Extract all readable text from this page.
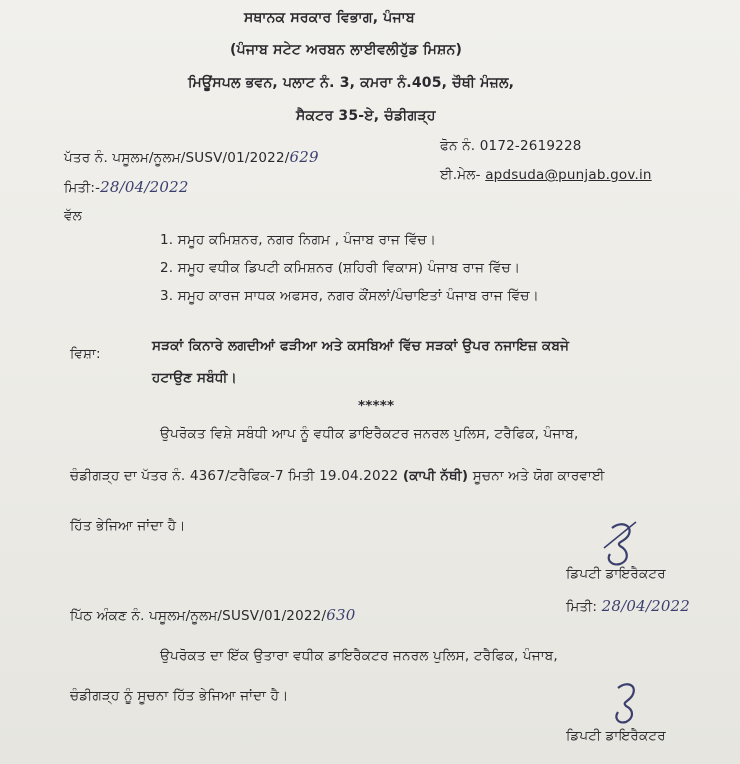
ਸਥਾਨਕ ਸਰਕਾਰ ਵਿਭਾਗ, ਪੰਜਾਬ
(ਪੰਜਾਬ ਸਟੇਟ ਅਰਬਨ ਲਾਈਵਲੀਹੁੱਡ ਮਿਸ਼ਨ)
ਮਿਊਂਸਪਲ ਭਵਨ, ਪਲਾਟ ਨੰ. 3, ਕਮਰਾ ਨੰ.405, ਚੌਥੀ ਮੰਜ਼ਲ,
ਸੈਕਟਰ 35-ਏ, ਚੰਡੀਗੜ੍ਹ
ਪੱਤਰ ਨੰ. ਪਸੂਲਮ/ਨੂਲਮ/SUSV/01/2022/629
ਫੋਨ ਨੰ. 0172-2619228
ਮਿਤੀ:-28/04/2022
ਈ.ਮੇਲ- apdsuda@punjab.gov.in
ਵੱਲ
1. ਸਮੂਹ ਕਮਿਸ਼ਨਰ, ਨਗਰ ਨਿਗਮ , ਪੰਜਾਬ ਰਾਜ ਵਿੱਚ।
2. ਸਮੂਹ ਵਧੀਕ ਡਿਪਟੀ ਕਮਿਸ਼ਨਰ (ਸ਼ਹਿਰੀ ਵਿਕਾਸ) ਪੰਜਾਬ ਰਾਜ ਵਿੱਚ।
3. ਸਮੂਹ ਕਾਰਜ ਸਾਧਕ ਅਫਸਰ, ਨਗਰ ਕੌਂਸਲਾਂ/ਪੰਚਾਇਤਾਂ ਪੰਜਾਬ ਰਾਜ ਵਿੱਚ।
ਵਿਸ਼ਾ:	ਸੜਕਾਂ ਕਿਨਾਰੇ ਲਗਦੀਆਂ ਫੜੀਆ ਅਤੇ ਕਸਬਿਆਂ ਵਿੱਚ ਸੜਕਾਂ ਉਪਰ ਨਜਾਇਜ਼ ਕਬਜੇ
ਹਟਾਉਣ ਸਬੰਧੀ।
*****
ਉਪਰੋਕਤ ਵਿਸ਼ੇ ਸਬੰਧੀ ਆਪ ਨੂੰ ਵਧੀਕ ਡਾਇਰੈਕਟਰ ਜਨਰਲ ਪੁਲਿਸ, ਟਰੈਫਿਕ, ਪੰਜਾਬ,
ਚੰਡੀਗੜ੍ਹ ਦਾ ਪੱਤਰ ਨੰ. 4367/ਟਰੈਫਿਕ-7 ਮਿਤੀ 19.04.2022 (ਕਾਪੀ ਨੱਥੀ) ਸੂਚਨਾ ਅਤੇ ਯੋਗ ਕਾਰਵਾਈ
ਹਿੱਤ ਭੇਜਿਆ ਜਾਂਦਾ ਹੈ।
ਡਿਪਟੀ ਡਾਇਰੈਕਟਰ
ਮਿਤੀ: 28/04/2022
ਪਿੱਠ ਅੰਕਣ ਨੰ. ਪਸੂਲਮ/ਨੂਲਮ/SUSV/01/2022/630
ਉਪਰੋਕਤ ਦਾ ਇੱਕ ਉਤਾਰਾ ਵਧੀਕ ਡਾਇਰੈਕਟਰ ਜਨਰਲ ਪੁਲਿਸ, ਟਰੈਫਿਕ, ਪੰਜਾਬ,
ਚੰਡੀਗੜ੍ਹ ਨੂੰ ਸੂਚਨਾ ਹਿੱਤ ਭੇਜਿਆ ਜਾਂਦਾ ਹੈ।
ਡਿਪਟੀ ਡਾਇਰੈਕਟਰ
